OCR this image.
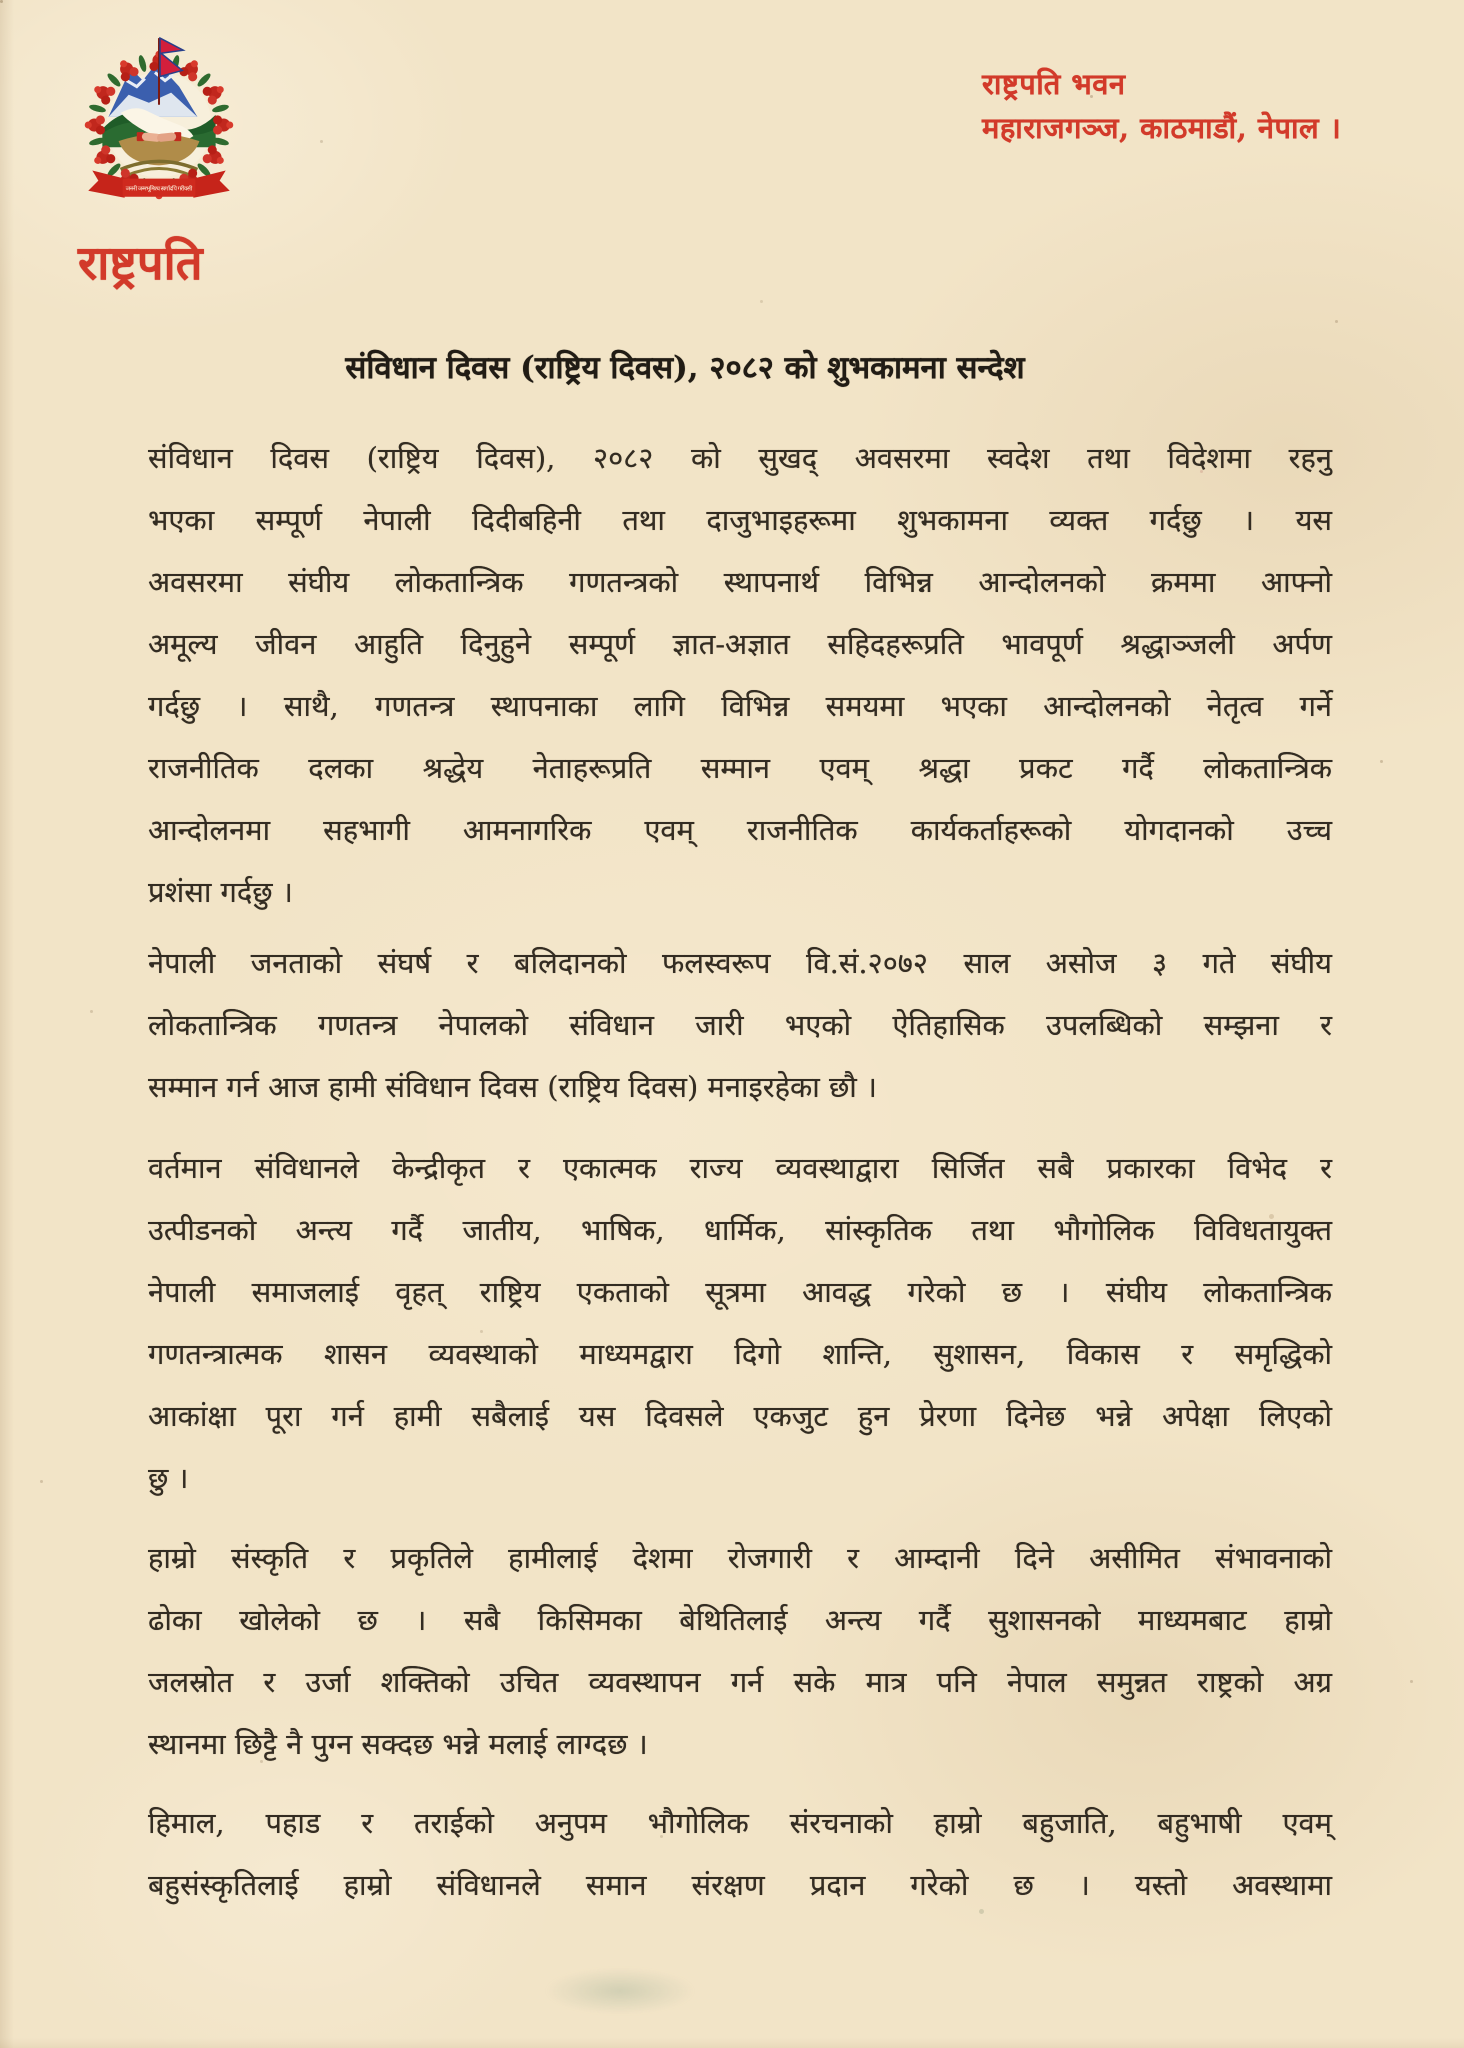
जननी जन्मभूमिश्च स्वर्गादपि गरीयसी
राष्ट्रपति भवन
महाराजगञ्ज, काठमाडौं, नेपाल ।
राष्ट्रपति
संविधान दिवस (राष्ट्रिय दिवस), २०८२ को शुभकामना सन्देश
संविधान दिवस (राष्ट्रिय दिवस), २०८२ को सुखद् अवसरमा स्वदेश तथा विदेशमा रहनु
भएका सम्पूर्ण नेपाली दिदीबहिनी तथा दाजुभाइहरूमा शुभकामना व्यक्त गर्दछु । यस
अवसरमा संघीय लोकतान्त्रिक गणतन्त्रको स्थापनार्थ विभिन्न आन्दोलनको क्रममा आफ्नो
अमूल्य जीवन आहुति दिनुहुने सम्पूर्ण ज्ञात-अज्ञात सहिदहरूप्रति भावपूर्ण श्रद्धाञ्जली अर्पण
गर्दछु । साथै, गणतन्त्र स्थापनाका लागि विभिन्न समयमा भएका आन्दोलनको नेतृत्व गर्ने
राजनीतिक दलका श्रद्धेय नेताहरूप्रति सम्मान एवम् श्रद्धा प्रकट गर्दै लोकतान्त्रिक
आन्दोलनमा सहभागी आमनागरिक एवम् राजनीतिक कार्यकर्ताहरूको योगदानको उच्च
प्रशंसा गर्दछु ।
नेपाली जनताको संघर्ष र बलिदानको फलस्वरूप वि.सं.२०७२ साल असोज ३ गते संघीय
लोकतान्त्रिक गणतन्त्र नेपालको संविधान जारी भएको ऐतिहासिक उपलब्धिको सम्झना र
सम्मान गर्न आज हामी संविधान दिवस (राष्ट्रिय दिवस) मनाइरहेका छौ ।
वर्तमान संविधानले केन्द्रीकृत र एकात्मक राज्य व्यवस्थाद्वारा सिर्जित सबै प्रकारका विभेद र
उत्पीडनको अन्त्य गर्दै जातीय, भाषिक, धार्मिक, सांस्कृतिक तथा भौगोलिक विविधतायुक्त
नेपाली समाजलाई वृहत् राष्ट्रिय एकताको सूत्रमा आवद्ध गरेको छ । संघीय लोकतान्त्रिक
गणतन्त्रात्मक शासन व्यवस्थाको माध्यमद्वारा दिगो शान्ति, सुशासन, विकास र समृद्धिको
आकांक्षा पूरा गर्न हामी सबैलाई यस दिवसले एकजुट हुन प्रेरणा दिनेछ भन्ने अपेक्षा लिएको
छु ।
हाम्रो संस्कृति र प्रकृतिले हामीलाई देशमा रोजगारी र आम्दानी दिने असीमित संभावनाको
ढोका खोलेको छ । सबै किसिमका बेथितिलाई अन्त्य गर्दै सुशासनको माध्यमबाट हाम्रो
जलस्रोत र उर्जा शक्तिको उचित व्यवस्थापन गर्न सके मात्र पनि नेपाल समुन्नत राष्ट्रको अग्र
स्थानमा छिट्टै नै पुग्न सक्दछ भन्ने मलाई लाग्दछ ।
हिमाल, पहाड र तराईको अनुपम भौगोलिक संरचनाको हाम्रो बहुजाति, बहुभाषी एवम्
बहुसंस्कृतिलाई हाम्रो संविधानले समान संरक्षण प्रदान गरेको छ । यस्तो अवस्थामा
